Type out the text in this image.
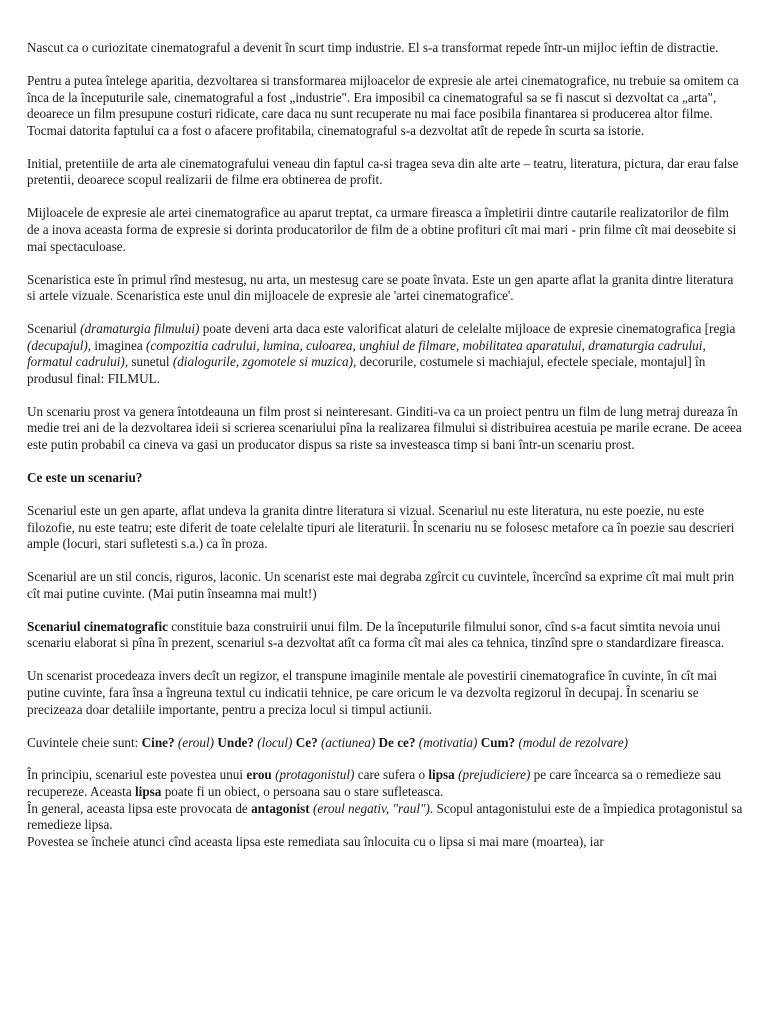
Nascut ca o curiozitate cinematograful a devenit în scurt timp industrie. El s-a transformat repede într-un mijloc ieftin de distractie.

Pentru a putea întelege aparitia, dezvoltarea si transformarea mijloacelor de expresie ale artei cinematografice, nu trebuie sa omitem ca înca de la începuturile sale, cinematograful a fost „industrie". Era imposibil ca cinematograful sa se fi nascut si dezvoltat ca „arta", deoarece un film presupune costuri ridicate, care daca nu sunt recuperate nu mai face posibila finantarea si producerea altor filme. Tocmai datorita faptului ca a fost o afacere profitabila, cinematograful s-a dezvoltat atît de repede în scurta sa istorie.

Initial, pretentiile de arta ale cinematografului veneau din faptul ca-si tragea seva din alte arte – teatru, literatura, pictura, dar erau false pretentii, deoarece scopul realizarii de filme era obtinerea de profit.

Mijloacele de expresie ale artei cinematografice au aparut treptat, ca urmare fireasca a împletirii dintre cautarile realizatorilor de film de a inova aceasta forma de expresie si dorinta producatorilor de film de a obtine profituri cît mai mari - prin filme cît mai deosebite si mai spectaculoase.

Scenaristica este în primul rînd mestesug, nu arta, un mestesug care se poate învata. Este un gen aparte aflat la granita dintre literatura si artele vizuale. Scenaristica este unul din mijloacele de expresie ale 'artei cinematografice'.

Scenariul (dramaturgia filmului) poate deveni arta daca este valorificat alaturi de celelalte mijloace de expresie cinematografica [regia (decupajul), imaginea (compozitia cadrului, lumina, culoarea, unghiul de filmare, mobilitatea aparatului, dramaturgia cadrului, formatul cadrului), sunetul (dialogurile, zgomotele si muzica), decorurile, costumele si machiajul, efectele speciale, montajul] în produsul final: FILMUL.

Un scenariu prost va genera întotdeauna un film prost si neinteresant. Ginditi-va ca un proiect pentru un film de lung metraj dureaza în medie trei ani de la dezvoltarea ideii si scrierea scenariului pîna la realizarea filmului si distribuirea acestuia pe marile ecrane. De aceea este putin probabil ca cineva va gasi un producator dispus sa riste sa investeasca timp si bani într-un scenariu prost.

Ce este un scenariu?

Scenariul este un gen aparte, aflat undeva la granita dintre literatura si vizual. Scenariul nu este literatura, nu este poezie, nu este filozofie, nu este teatru; este diferit de toate celelalte tipuri ale literaturii. În scenariu nu se folosesc metafore ca în poezie sau descrieri ample (locuri, stari sufletesti s.a.) ca în proza.

Scenariul are un stil concis, riguros, laconic. Un scenarist este mai degraba zgîrcit cu cuvintele, încercînd sa exprime cît mai mult prin cît mai putine cuvinte. (Mai putin înseamna mai mult!)

Scenariul cinematografic constituie baza construirii unui film. De la începuturile filmului sonor, cînd s-a facut simtita nevoia unui scenariu elaborat si pîna în prezent, scenariul s-a dezvoltat atît ca forma cît mai ales ca tehnica, tinzînd spre o standardizare fireasca.

Un scenarist procedeaza invers decît un regizor, el transpune imaginile mentale ale povestirii cinematografice în cuvinte, în cît mai putine cuvinte, fara însa a îngreuna textul cu indicatii tehnice, pe care oricum le va dezvolta regizorul în decupaj. În scenariu se precizeaza doar detaliile importante, pentru a preciza locul si timpul actiunii.

Cuvintele cheie sunt: Cine? (eroul) Unde? (locul) Ce? (actiunea) De ce? (motivatia) Cum? (modul de rezolvare)

În principiu, scenariul este povestea unui erou (protagonistul) care sufera o lipsa (prejudiciere) pe care încearca sa o remedieze sau recupereze. Aceasta lipsa poate fi un obiect, o persoana sau o stare sufleteasca.

În general, aceasta lipsa este provocata de antagonist (eroul negativ, "raul"). Scopul antagonistului este de a împiedica protagonistul sa remedieze lipsa.

Povestea se încheie atunci cînd aceasta lipsa este remediata sau înlocuita cu o lipsa si mai mare (moartea), iar
